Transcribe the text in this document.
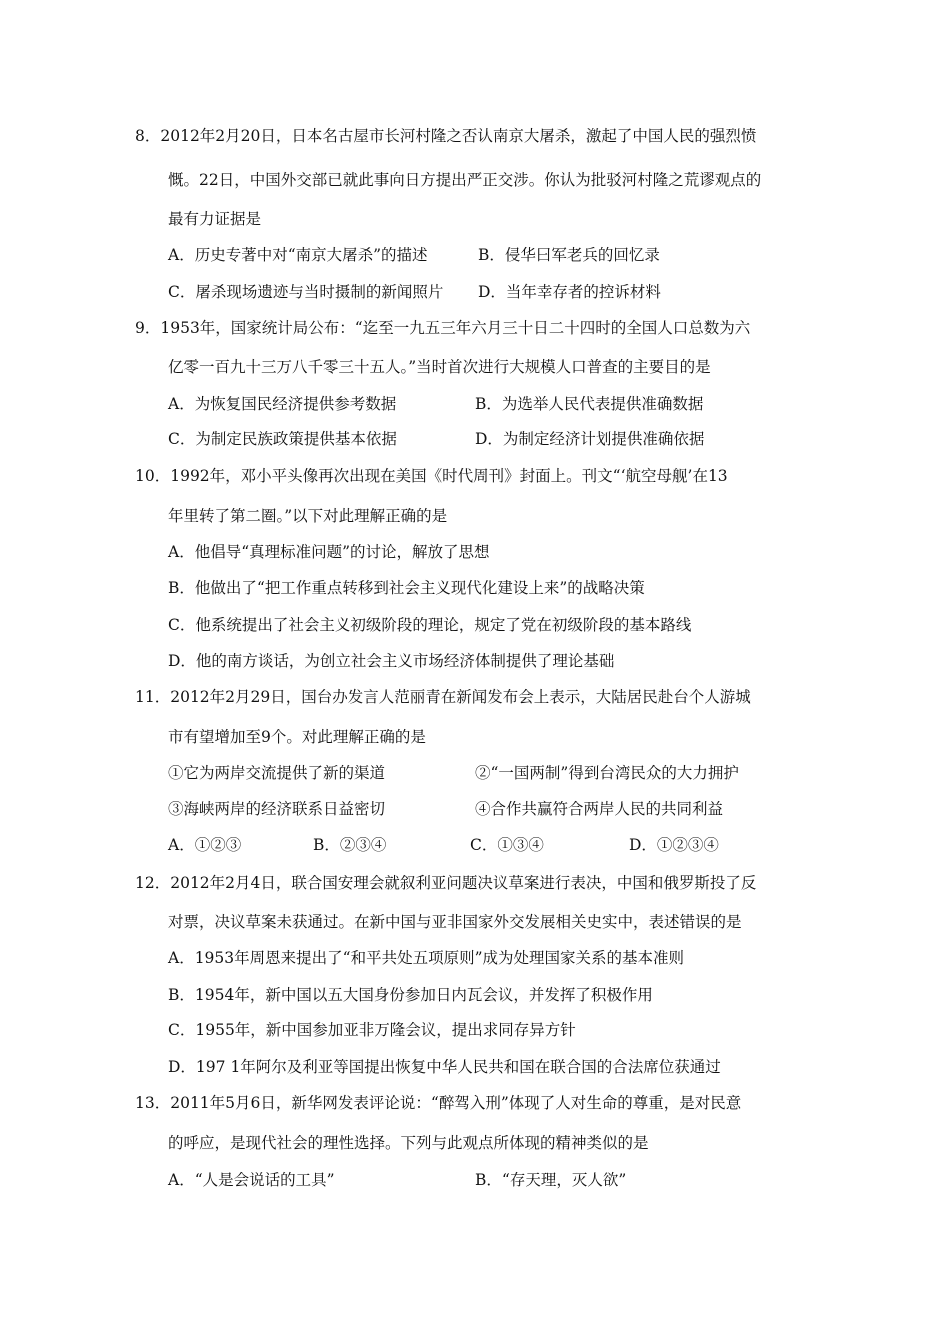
8．2012年2月20日，日本名古屋市长河村隆之否认南京大屠杀，激起了中国人民的强烈愤
慨。22日，中国外交部已就此事向日方提出严正交涉。你认为批驳河村隆之荒谬观点的
最有力证据是
A．历史专著中对“南京大屠杀”的描述	B．侵华曰军老兵的回忆录
C．屠杀现场遗迹与当时摄制的新闻照片 D．当年幸存者的控诉材料
9．1953年，国家统计局公布：“迄至一九五三年六月三十日二十四时的全国人口总数为六
亿零一百九十三万八千零三十五人。”当时首次进行大规模人口普查的主要目的是
A．为恢复国民经济提供参考数据	B．为选举人民代表提供准确数据
C．为制定民族政策提供基本依据	D．为制定经济计划提供准确依据
10．1992年，邓小平头像再次出现在美国《时代周刊》封面上。刊文“‘航空母舰’在13
年里转了第二圈。”以下对此理解正确的是
A．他倡导“真理标准问题”的讨论，解放了思想
B．他做出了“把工作重点转移到社会主义现代化建设上来”的战略决策
C．他系统提出了社会主义初级阶段的理论，规定了党在初级阶段的基本路线
D．他的南方谈话，为创立社会主义市场经济体制提供了理论基础
11．2012年2月29日，国台办发言人范丽青在新闻发布会上表示，大陆居民赴台个人游城
市有望增加至9个。对此理解正确的是
①它为两岸交流提供了新的渠道	②“一国两制”得到台湾民众的大力拥护
③海峡两岸的经济联系日益密切	④合作共赢符合两岸人民的共同利益
A．①②③	B．②③④	C．①③④	D．①②③④
12．2012年2月4日，联合国安理会就叙利亚问题决议草案进行表决，中国和俄罗斯投了反
对票，决议草案未获通过。在新中国与亚非国家外交发展相关史实中，表述错误的是
A．1953年周恩来提出了“和平共处五项原则”成为处理国家关系的基本准则
B．1954年，新中国以五大国身份参加日内瓦会议，并发挥了积极作用
C．1955年，新中国参加亚非万隆会议，提出求同存异方针
D．197 1年阿尔及利亚等国提出恢复中华人民共和国在联合国的合法席位获通过
13．2011年5月6日，新华网发表评论说：“醉驾入刑”体现了人对生命的尊重，是对民意
的呼应，是现代社会的理性选择。下列与此观点所体现的精神类似的是
A．“人是会说话的工具”	B．“存天理，灭人欲”
